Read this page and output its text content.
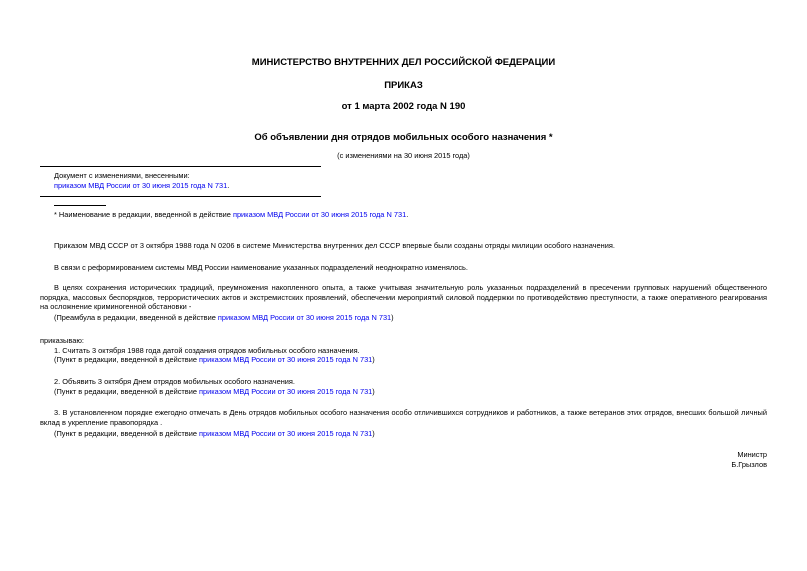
МИНИСТЕРСТВО ВНУТРЕННИХ ДЕЛ РОССИЙСКОЙ ФЕДЕРАЦИИ
ПРИКАЗ
от 1 марта 2002 года N 190
Об объявлении дня отрядов мобильных особого назначения *
(с изменениями на 30 июня 2015 года)
Документ с изменениями, внесенными:
приказом МВД России от 30 июня 2015 года N 731.
* Наименование в редакции, введенной в действие приказом МВД России от 30 июня 2015 года N 731.
Приказом МВД СССР от 3 октября 1988 года N 0206 в системе Министерства внутренних дел СССР впервые были созданы отряды милиции особого назначения.
В связи с реформированием системы МВД России наименование указанных подразделений неоднократно изменялось.
В целях сохранения исторических традиций, преумножения накопленного опыта, а также учитывая значительную роль указанных подразделений в пресечении групповых нарушений общественного порядка, массовых беспорядков, террористических актов и экстремистских проявлений, обеспечении мероприятий силовой поддержки по противодействию преступности, а также оперативного реагирования на осложнение криминогенной обстановки -
(Преамбула в редакции, введенной в действие приказом МВД России от 30 июня 2015 года N 731)
приказываю:
1. Считать 3 октября 1988 года датой создания отрядов мобильных особого назначения.
(Пункт в редакции, введенной в действие приказом МВД России от 30 июня 2015 года N 731)
2. Объявить 3 октября Днем отрядов мобильных особого назначения.
(Пункт в редакции, введенной в действие приказом МВД России от 30 июня 2015 года N 731)
3. В установленном порядке ежегодно отмечать в День отрядов мобильных особого назначения особо отличившихся сотрудников и работников, а также ветеранов этих отрядов, внесших большой личный вклад в укрепление правопорядка .
(Пункт в редакции, введенной в действие приказом МВД России от 30 июня 2015 года N 731)
Министр
Б.Грызлов
